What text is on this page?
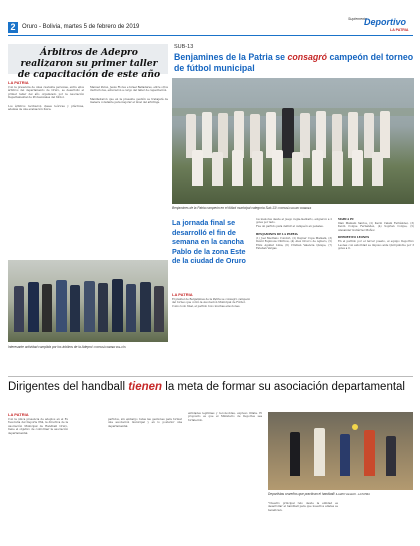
2	Oruro - Bolivia, martes 5 de febrero de 2019
Suplemento
Deportivo
LA PATRIA
Árbitros de Adepro realizaron su primer taller de capacitación de este año
LA PATRIA

Con la presencia de unas cuarenta personas, entre ellos árbitros del departamento de Oruro, se desarrolló el primer taller del año organizado por la Asociación Departamental de Profesionales del fútbol.

Los árbitros recibieron clases teóricas y prácticas, además de una evaluación física.

Manuel Pérez, Jesús Flores e Israel Balladares, entre otros instructores, estuvieron a cargo del taller de capacitación.

Manifestaron que en la presente gestión se trabajará de manera constante para mejorar el nivel del arbitraje.

Interesante actividad cumplida por los árbitros de la Adepro/ CORTESÍA WEBER MALLÓN
SUB-13
Benjamines de la Patria se consagró campeón del torneo de fútbol municipal
Benjamines de la Patria campeón en el fútbol municipal categoría Sub-13/ CORTESÍA MAURO PAREDES
La jornada final se desarrolló el fin de semana en la cancha Pablo de la zona Este de la ciudad de Oruro
LA PATRIA

El plantel de Benjamines de la Patria se consagró campeón del torneo que contó la Asociación Municipal de Fútbol.

Como todo final, el partido tuvo muchas emociones.

los menores desde el juego regla-mentario, exigieron a 2 goles por lado.

Fue un partido para definir el campeón en penales.

BENJAMINES DE LA PATRIA

(1) Joel Medrano Condori, (2) Dayner Copa Mamani, (3) David Espinoza Chirinos, (4) Alex Orozco de Agüero, (5) Elvis Aguilar Lima, (6) Cristian Valencia Quispe, (7) Esteban Vargas.

MARCA PC

Ilian Mamani Santos, (2) Kevin Calani Fernández, (3) Kevin Colque Fernández, (4) Soprian Colque, (5) Alexander Gutiérrez Muñoz.

DEPORTIVO LEONES

En el partido por el tercer puesto, el equipo Deportivo Leones con autoridad se impuso ante Quirquinche por 3 goles a 0.

Dirigentes del handball tienen la meta de formar su asociación departamental
LA PATRIA
Con la única presencia de adeptos en el Ex Tesorería del Deporte 864, la directiva de la Asociación Municipal de Handball Oruro, tiene el objetivo de conformar la asociación departamental.
partidos, sin embargo todas las gestiones para formar una asociación municipal y en lo posterior una departamental.
entidades legítimas y reconocidas, expresó Ollata. El propósito es que el Ministerio de Deportes sea fortalecido.
Deportistas orureños que practican el handball/ ILLARIO VALLEJO - LA PATRIA
"Nuestro principal reto desde la entidad es desarrollar el handball para que nuestros atletas se beneficien.
